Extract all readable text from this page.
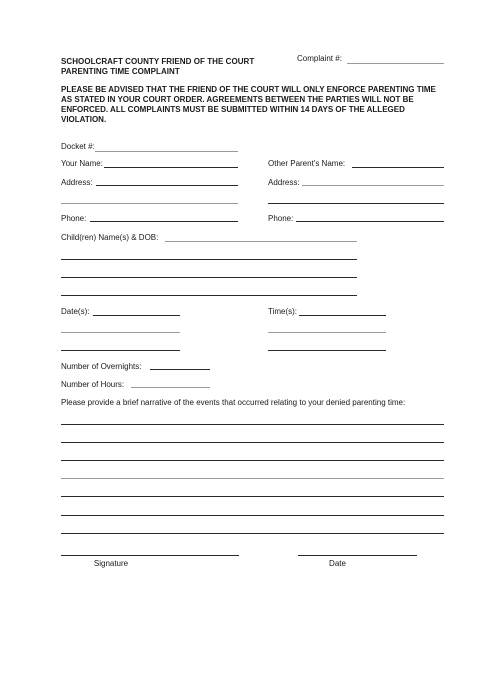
SCHOOLCRAFT COUNTY FRIEND OF THE COURT
PARENTING TIME COMPLAINT
Complaint #:
PLEASE BE ADVISED THAT THE FRIEND OF THE COURT WILL ONLY ENFORCE PARENTING TIME AS STATED IN YOUR COURT ORDER. AGREEMENTS BETWEEN THE PARTIES WILL NOT BE ENFORCED. ALL COMPLAINTS MUST BE SUBMITTED WITHIN 14 DAYS OF THE ALLEGED VIOLATION.
Docket #:
Your Name:	Other Parent's Name:
Address:	Address:
Phone:	Phone:
Child(ren) Name(s) & DOB:
Date(s):	Time(s):
Number of Overnights:
Number of Hours:
Please provide a brief narrative of the events that occurred relating to your denied parenting time:
Signature	Date
